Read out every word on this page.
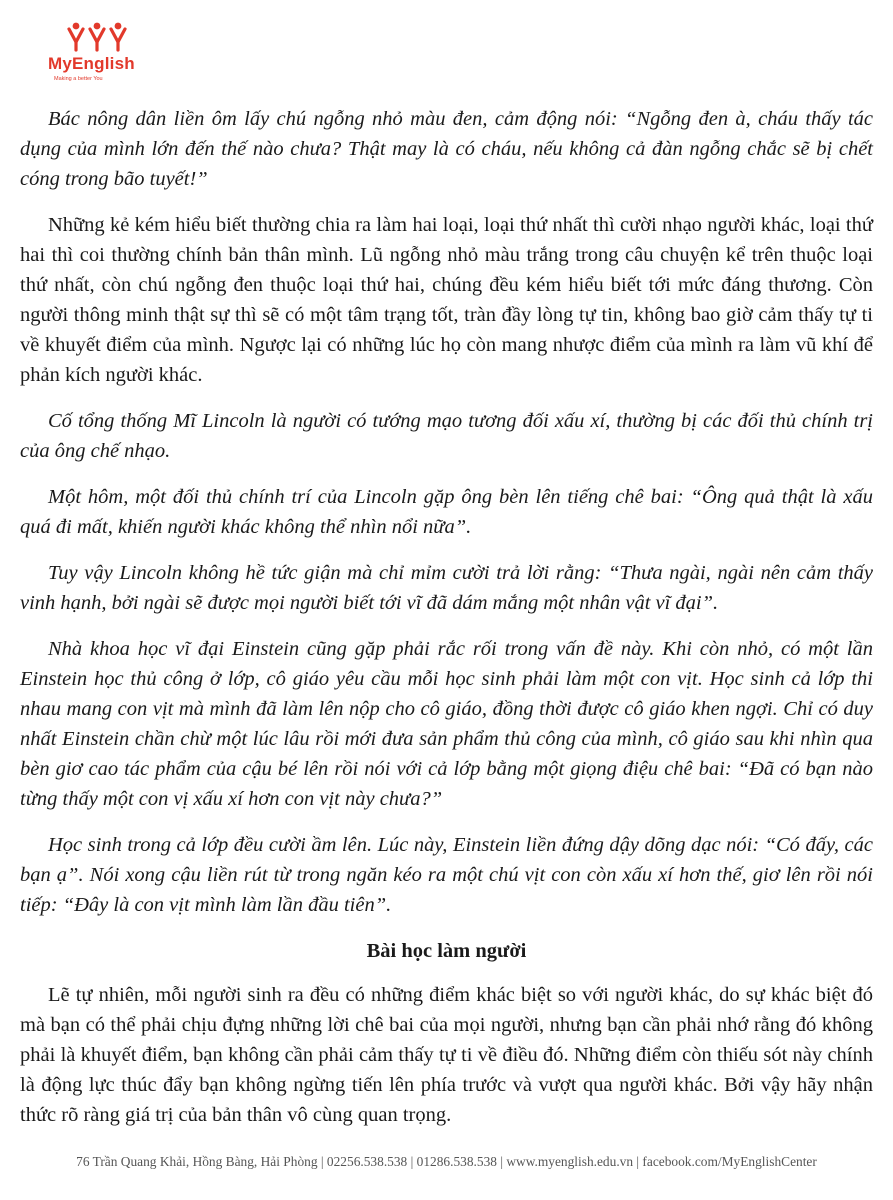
MyEnglish
Making a better You

Bác nông dân liền ôm lấy chú ngỗng nhỏ màu đen, cảm động nói: “Ngỗng đen à, cháu thấy tác dụng của mình lớn đến thế nào chưa? Thật may là có cháu, nếu không cả đàn ngỗng chắc sẽ bị chết cóng trong bão tuyết!”

Những kẻ kém hiểu biết thường chia ra làm hai loại, loại thứ nhất thì cười nhạo người khác, loại thứ hai thì coi thường chính bản thân mình. Lũ ngỗng nhỏ màu trắng trong câu chuyện kể trên thuộc loại thứ nhất, còn chú ngỗng đen thuộc loại thứ hai, chúng đều kém hiểu biết tới mức đáng thương. Còn người thông minh thật sự thì sẽ có một tâm trạng tốt, tràn đầy lòng tự tin, không bao giờ cảm thấy tự ti về khuyết điểm của mình. Ngược lại có những lúc họ còn mang nhược điểm của mình ra làm vũ khí để phản kích người khác.

Cố tổng thống Mĩ Lincoln là người có tướng mạo tương đối xấu xí, thường bị các đối thủ chính trị của ông chế nhạo.

Một hôm, một đối thủ chính trí của Lincoln gặp ông bèn lên tiếng chê bai: “Ông quả thật là xấu quá đi mất, khiến người khác không thể nhìn nổi nữa”.

Tuy vậy Lincoln không hề tức giận mà chỉ mỉm cười trả lời rằng: “Thưa ngài, ngài nên cảm thấy vinh hạnh, bởi ngài sẽ được mọi người biết tới vĩ đã dám mắng một nhân vật vĩ đại”.

Nhà khoa học vĩ đại Einstein cũng gặp phải rắc rối trong vấn đề này. Khi còn nhỏ, có một lần Einstein học thủ công ở lớp, cô giáo yêu cầu mỗi học sinh phải làm một con vịt. Học sinh cả lớp thi nhau mang con vịt mà mình đã làm lên nộp cho cô giáo, đồng thời được cô giáo khen ngợi. Chỉ có duy nhất Einstein chần chừ một lúc lâu rồi mới đưa sản phẩm thủ công của mình, cô giáo sau khi nhìn qua bèn giơ cao tác phẩm của cậu bé lên rồi nói với cả lớp bằng một giọng điệu chê bai: “Đã có bạn nào từng thấy một con vị xấu xí hơn con vịt này chưa?”

Học sinh trong cả lớp đều cười ầm lên. Lúc này, Einstein liền đứng dậy dõng dạc nói: “Có đấy, các bạn ạ”. Nói xong cậu liền rút từ trong ngăn kéo ra một chú vịt con còn xấu xí hơn thế, giơ lên rồi nói tiếp: “Đây là con vịt mình làm lần đầu tiên”.

Bài học làm người

Lẽ tự nhiên, mỗi người sinh ra đều có những điểm khác biệt so với người khác, do sự khác biệt đó mà bạn có thể phải chịu đựng những lời chê bai của mọi người, nhưng bạn cần phải nhớ rằng đó không phải là khuyết điểm, bạn không cần phải cảm thấy tự ti về điều đó. Những điểm còn thiếu sót này chính là động lực thúc đẩy bạn không ngừng tiến lên phía trước và vượt qua người khác. Bởi vậy hãy nhận thức rõ ràng giá trị của bản thân vô cùng quan trọng.

76 Trần Quang Khải, Hồng Bàng, Hải Phòng | 02256.538.538 | 01286.538.538 | www.myenglish.edu.vn | facebook.com/MyEnglishCenter
